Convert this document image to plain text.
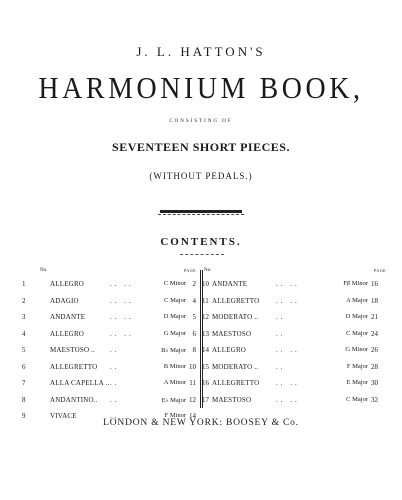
J. L. HATTON'S
HARMONIUM BOOK,
CONSISTING OF
SEVENTEEN SHORT PIECES.
(WITHOUT PEDALS.)
CONTENTS.
No.	PAGE. No.	PAGE
1	ALLEGRO	.. ..	C Minor 2
2	ADAGIO	.. ..	C Major 4
3	ANDANTE	.. ..	D Major 5
4	ALLEGRO	.. ..	G Major 6
5	MAESTOSO .. ..	B♭ Major 8
6	ALLEGRETTO ..	B Minor 10
7	ALLA CAPELLA .. ..	A Minor 11
8	ANDANTINO.. ..	E♭ Major 12
9	VIVACE	..	F Minor 14
10 ANDANTE	.. ..	F♯ Minor 16
11 ALLEGRETTO .. ..	A Major 18
12 MODERATO ..	..	D Major 21
13 MAESTOSO	..	C Major 24
14 ALLEGRO	.. ..	G Minor 26
15 MODERATO ..	..	F Major 28
16 ALLEGRETTO .. ..	E Major 30
17 MAESTOSO	.. ..	C Major 32
LONDON & NEW YORK: BOOSEY & Co.
